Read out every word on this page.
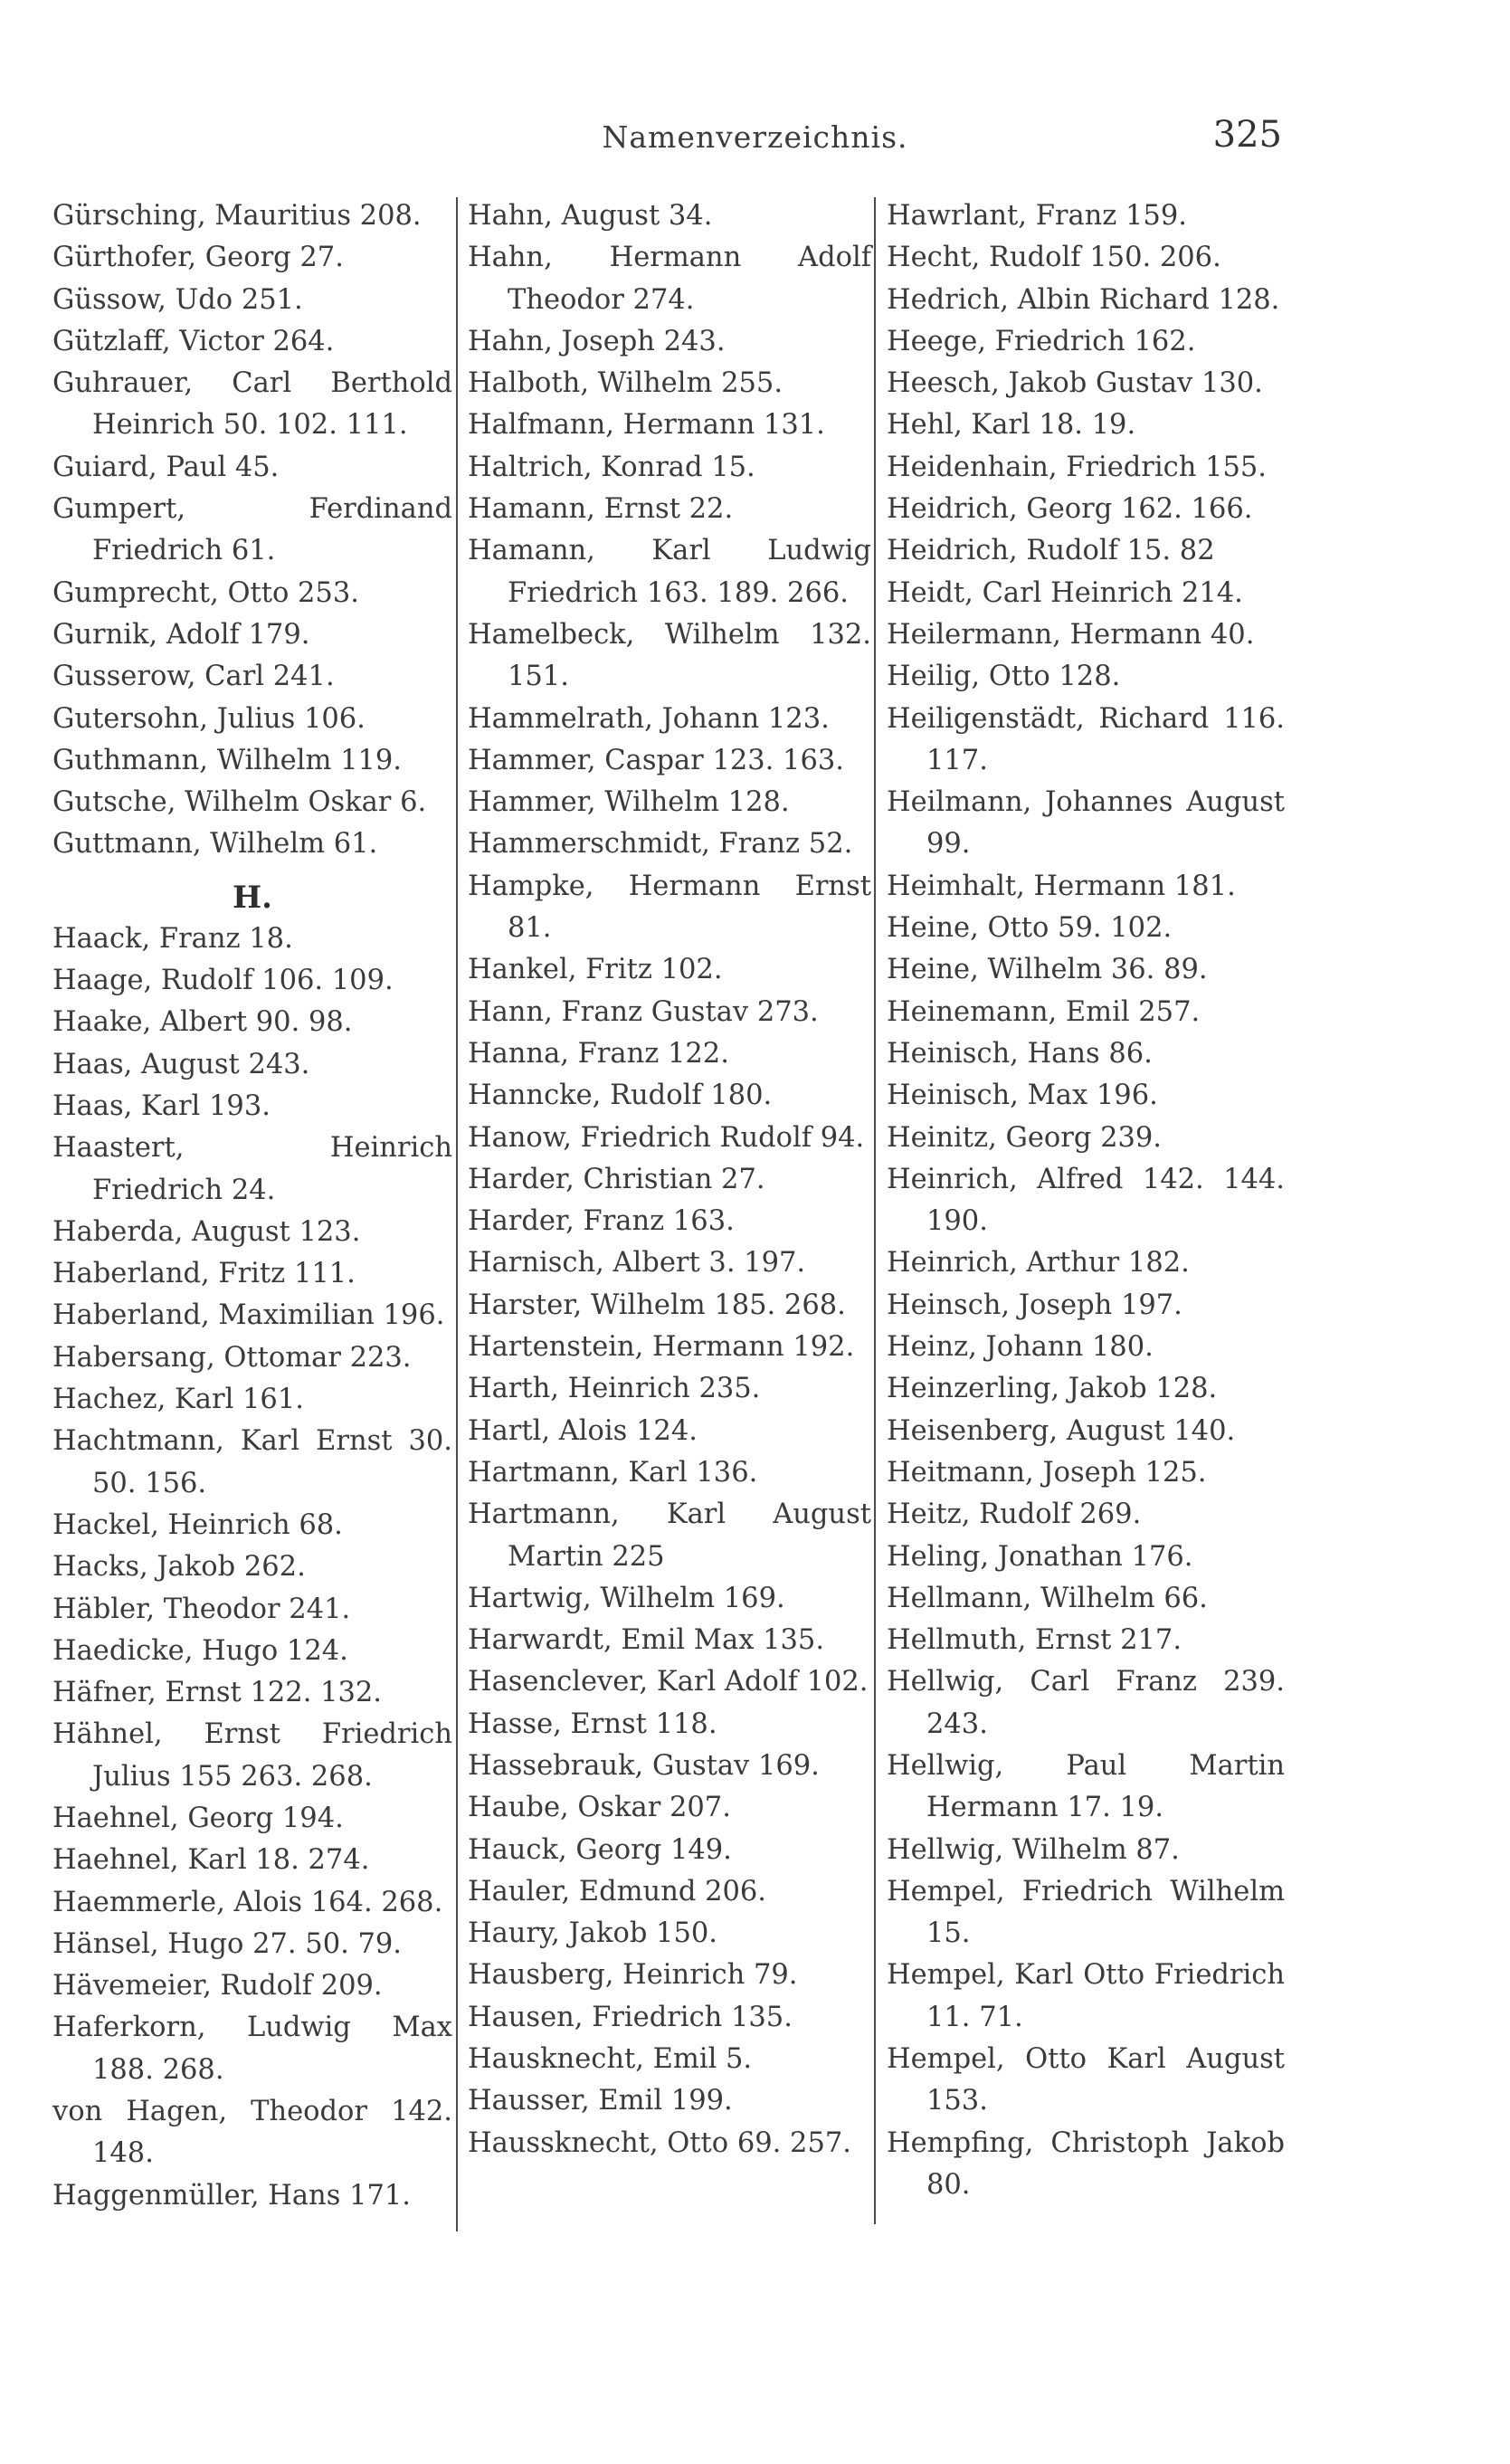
Namenverzeichnis.	325

Gürsching, Mauritius 208.

Gürthofer, Georg 27.

Güssow, Udo 251.

Gützlaff, Victor 264.

Guhrauer, Carl Berthold Heinrich 50. 102. 111.

Guiard, Paul 45.

Gumpert, Ferdinand Friedrich 61.

Gumprecht, Otto 253.

Gurnik, Adolf 179.

Gusserow, Carl 241.

Gutersohn, Julius 106.

Guthmann, Wilhelm 119.

Gutsche, Wilhelm Oskar 6.

Guttmann, Wilhelm 61.

H.

Haack, Franz 18.

Haage, Rudolf 106. 109.

Haake, Albert 90. 98.

Haas, August 243.

Haas, Karl 193.

Haastert, Heinrich Friedrich 24.

Haberda, August 123.

Haberland, Fritz 111.

Haberland, Maximilian 196.

Habersang, Ottomar 223.

Hachez, Karl 161.

Hachtmann, Karl Ernst 30. 50. 156.

Hackel, Heinrich 68.

Hacks, Jakob 262.

Häbler, Theodor 241.

Haedicke, Hugo 124.

Häfner, Ernst 122. 132.

Hähnel, Ernst Friedrich Julius 155 263. 268.

Haehnel, Georg 194.

Haehnel, Karl 18. 274.

Haemmerle, Alois 164. 268.

Hänsel, Hugo 27. 50. 79.

Hävemeier, Rudolf 209.

Haferkorn, Ludwig Max 188. 268.

von Hagen, Theodor 142. 148.

Haggenmüller, Hans 171.

Hahn, August 34.

Hahn, Hermann Adolf Theodor 274.

Hahn, Joseph 243.

Halboth, Wilhelm 255.

Halfmann, Hermann 131.

Haltrich, Konrad 15.

Hamann, Ernst 22.

Hamann, Karl Ludwig Friedrich 163. 189. 266.

Hamelbeck, Wilhelm 132. 151.

Hammelrath, Johann 123.

Hammer, Caspar 123. 163.

Hammer, Wilhelm 128.

Hammerschmidt, Franz 52.

Hampke, Hermann Ernst 81.

Hankel, Fritz 102.

Hann, Franz Gustav 273.

Hanna, Franz 122.

Hanncke, Rudolf 180.

Hanow, Friedrich Rudolf 94.

Harder, Christian 27.

Harder, Franz 163.

Harnisch, Albert 3. 197.

Harster, Wilhelm 185. 268.

Hartenstein, Hermann 192.

Harth, Heinrich 235.

Hartl, Alois 124.

Hartmann, Karl 136.

Hartmann, Karl August Martin 225

Hartwig, Wilhelm 169.

Harwardt, Emil Max 135.

Hasenclever, Karl Adolf 102.

Hasse, Ernst 118.

Hassebrauk, Gustav 169.

Haube, Oskar 207.

Hauck, Georg 149.

Hauler, Edmund 206.

Haury, Jakob 150.

Hausberg, Heinrich 79.

Hausen, Friedrich 135.

Hausknecht, Emil 5.

Hausser, Emil 199.

Haussknecht, Otto 69. 257.

Hawrlant, Franz 159.

Hecht, Rudolf 150. 206.

Hedrich, Albin Richard 128.

Heege, Friedrich 162.

Heesch, Jakob Gustav 130.

Hehl, Karl 18. 19.

Heidenhain, Friedrich 155.

Heidrich, Georg 162. 166.

Heidrich, Rudolf 15. 82

Heidt, Carl Heinrich 214.

Heilermann, Hermann 40.

Heilig, Otto 128.

Heiligenstädt, Richard 116. 117.

Heilmann, Johannes August 99.

Heimhalt, Hermann 181.

Heine, Otto 59. 102.

Heine, Wilhelm 36. 89.

Heinemann, Emil 257.

Heinisch, Hans 86.

Heinisch, Max 196.

Heinitz, Georg 239.

Heinrich, Alfred 142. 144. 190.

Heinrich, Arthur 182.

Heinsch, Joseph 197.

Heinz, Johann 180.

Heinzerling, Jakob 128.

Heisenberg, August 140.

Heitmann, Joseph 125.

Heitz, Rudolf 269.

Heling, Jonathan 176.

Hellmann, Wilhelm 66.

Hellmuth, Ernst 217.

Hellwig, Carl Franz 239. 243.

Hellwig, Paul Martin Hermann 17. 19.

Hellwig, Wilhelm 87.

Hempel, Friedrich Wilhelm 15.

Hempel, Karl Otto Friedrich 11. 71.

Hempel, Otto Karl August 153.

Hempfing, Christoph Jakob 80.
